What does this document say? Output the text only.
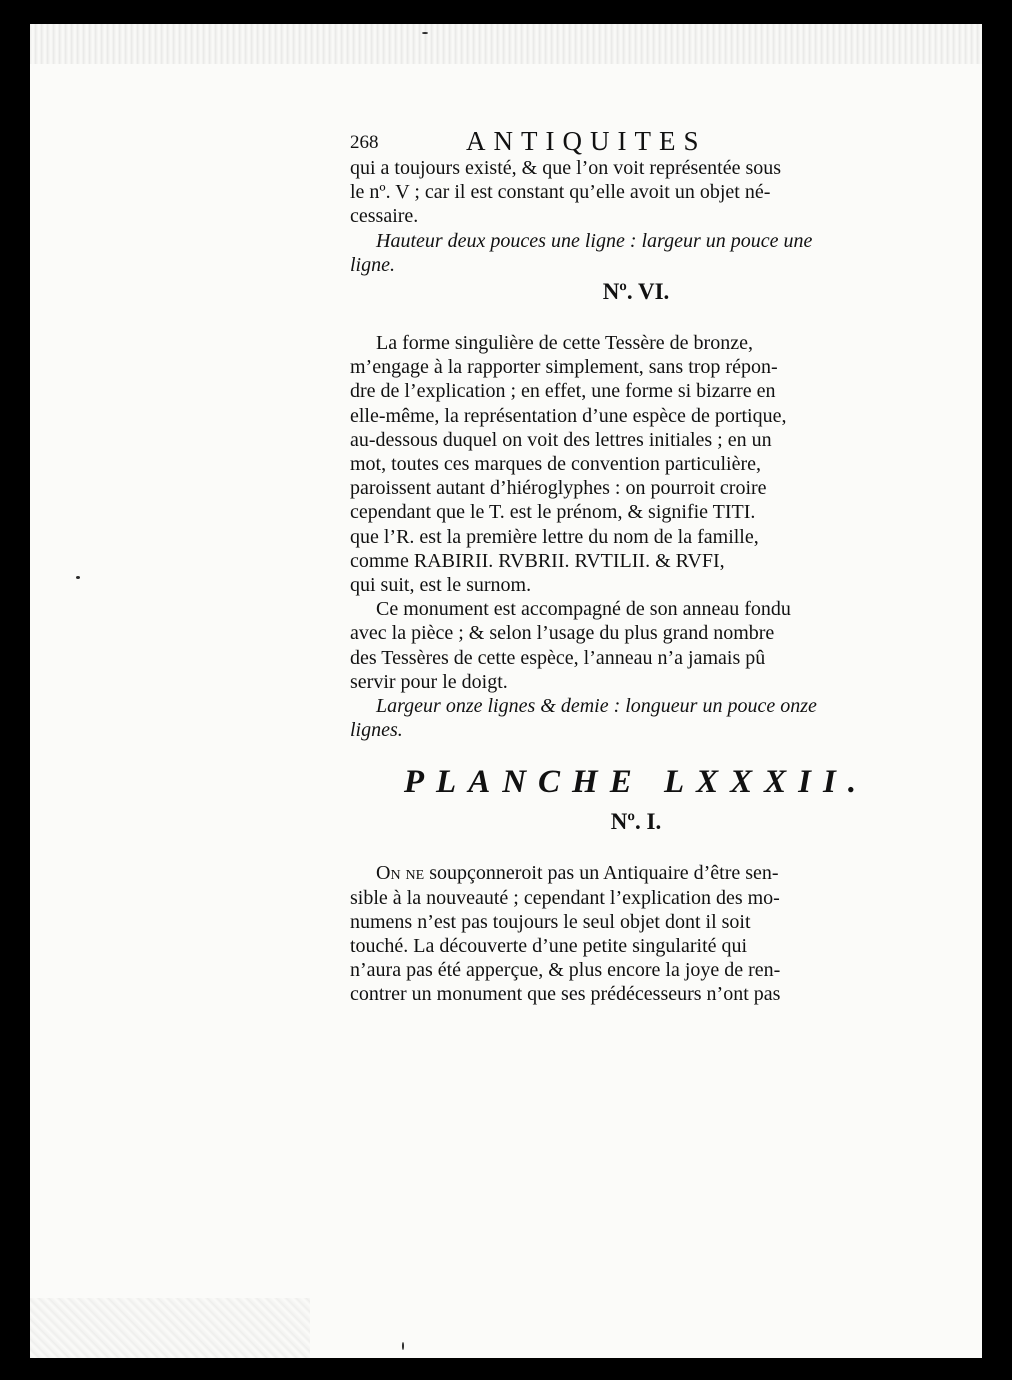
268	ANTIQUITES

qui a toujours existé, & que l’on voit représentée sous
le nº. V ; car il est constant qu’elle avoit un objet né-
cessaire.

Hauteur deux pouces une ligne : largeur un pouce une
ligne.

Nº. VI.

La forme singulière de cette Tessère de bronze,
m’engage à la rapporter simplement, sans trop répon-
dre de l’explication ; en effet, une forme si bizarre en
elle-même, la représentation d’une espèce de portique,
au-dessous duquel on voit des lettres initiales ; en un
mot, toutes ces marques de convention particulière,
paroissent autant d’hiéroglyphes : on pourroit croire
cependant que le T. est le prénom, & signifie TITI.
que l’R. est la première lettre du nom de la famille,
comme RABIRII. RVBRII. RVTILII. & RVFI,
qui suit, est le surnom.

Ce monument est accompagné de son anneau fondu
avec la pièce ; & selon l’usage du plus grand nombre
des Tessères de cette espèce, l’anneau n’a jamais pû
servir pour le doigt.

Largeur onze lignes & demie : longueur un pouce onze
lignes.

PLANCHE LXXXII.
Nº. I.

On ne soupçonneroit pas un Antiquaire d’être sen-
sible à la nouveauté ; cependant l’explication des mo-
numens n’est pas toujours le seul objet dont il soit
touché. La découverte d’une petite singularité qui
n’aura pas été apperçue, & plus encore la joye de ren-
contrer un monument que ses prédécesseurs n’ont pas
